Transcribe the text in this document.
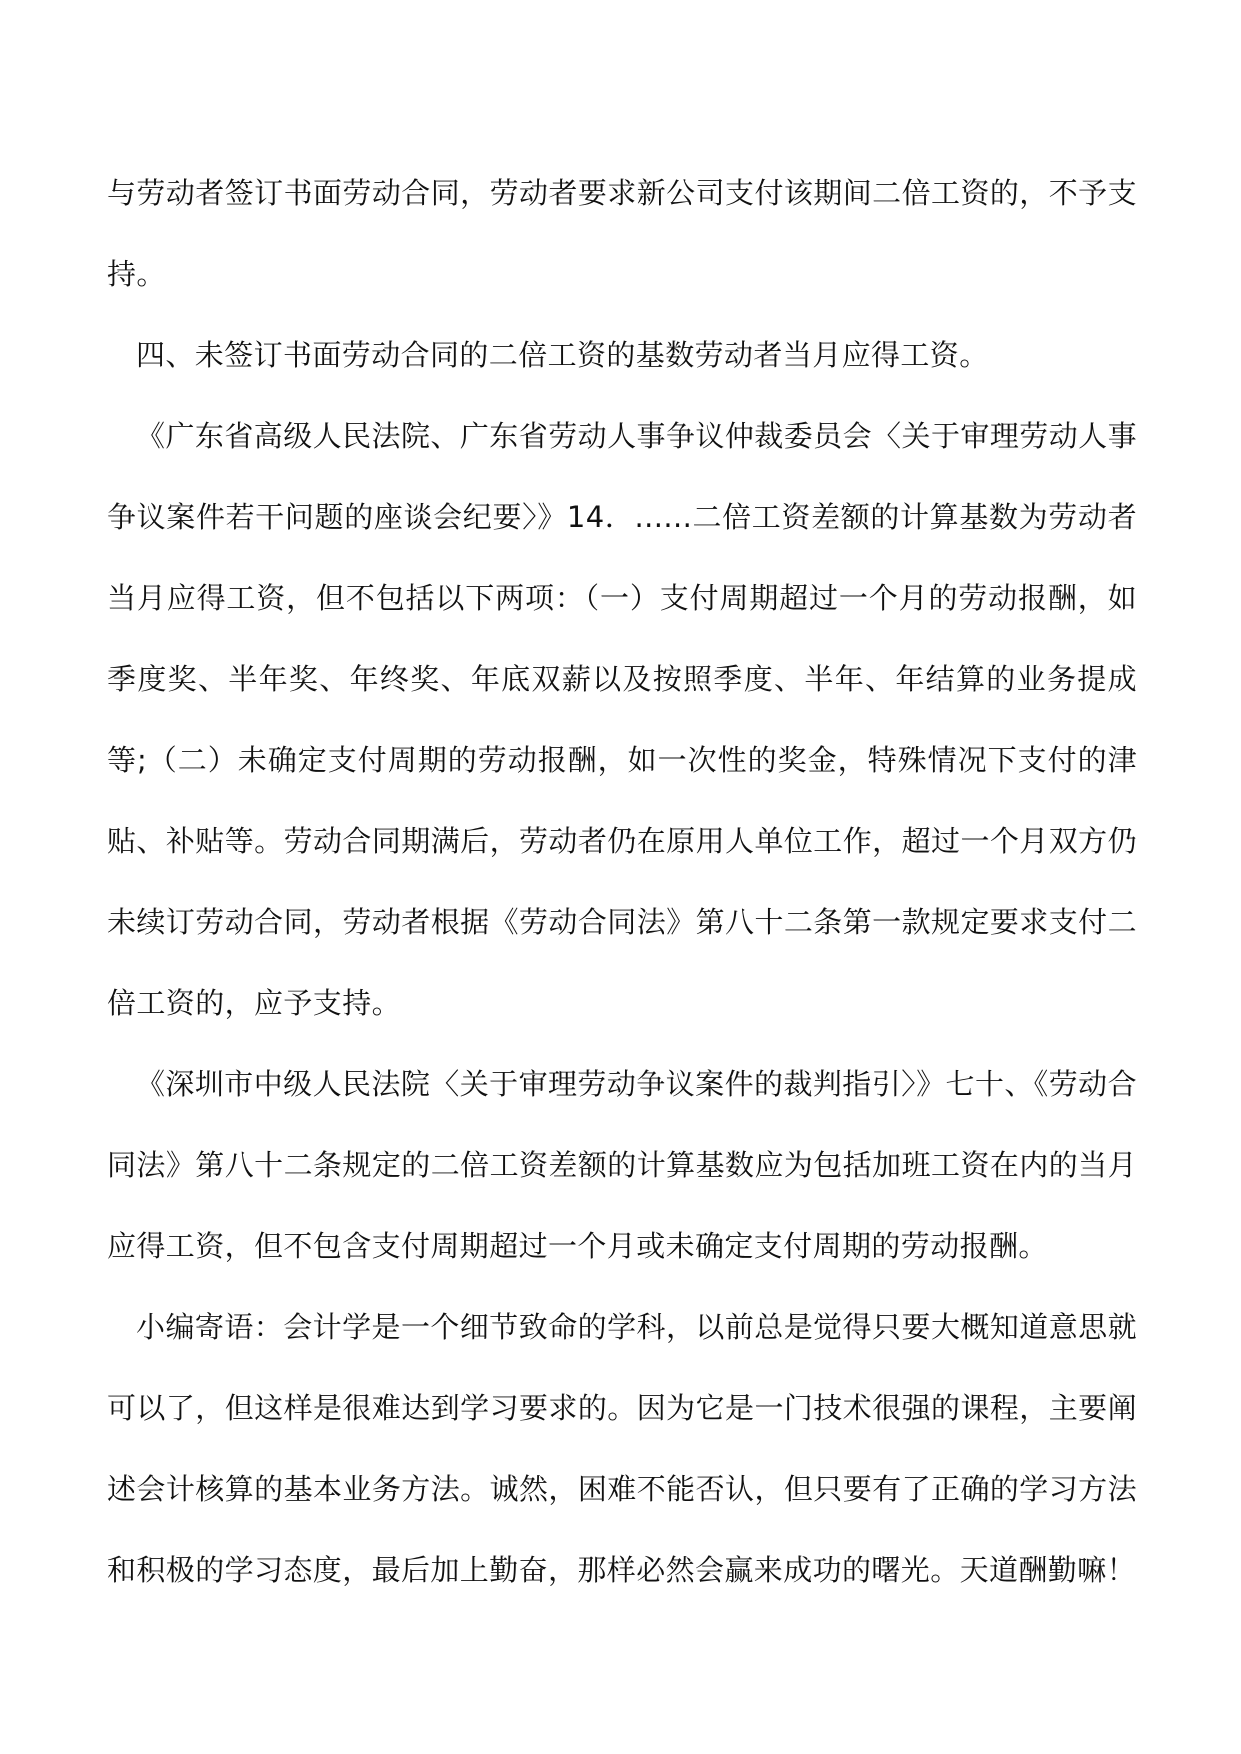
与劳动者签订书面劳动合同，劳动者要求新公司支付该期间二倍工资的，不予支持。

四、未签订书面劳动合同的二倍工资的基数劳动者当月应得工资。

《广东省高级人民法院、广东省劳动人事争议仲裁委员会〈关于审理劳动人事争议案件若干问题的座谈会纪要〉》14．......二倍工资差额的计算基数为劳动者当月应得工资，但不包括以下两项：（一）支付周期超过一个月的劳动报酬，如季度奖、半年奖、年终奖、年底双薪以及按照季度、半年、年结算的业务提成等;（二）未确定支付周期的劳动报酬，如一次性的奖金，特殊情况下支付的津贴、补贴等。劳动合同期满后，劳动者仍在原用人单位工作，超过一个月双方仍未续订劳动合同，劳动者根据《劳动合同法》第八十二条第一款规定要求支付二倍工资的，应予支持。

《深圳市中级人民法院〈关于审理劳动争议案件的裁判指引〉》七十、《劳动合同法》第八十二条规定的二倍工资差额的计算基数应为包括加班工资在内的当月应得工资，但不包含支付周期超过一个月或未确定支付周期的劳动报酬。

小编寄语：会计学是一个细节致命的学科，以前总是觉得只要大概知道意思就可以了，但这样是很难达到学习要求的。因为它是一门技术很强的课程，主要阐述会计核算的基本业务方法。诚然，困难不能否认，但只要有了正确的学习方法和积极的学习态度，最后加上勤奋，那样必然会赢来成功的曙光。天道酬勤嘛！
